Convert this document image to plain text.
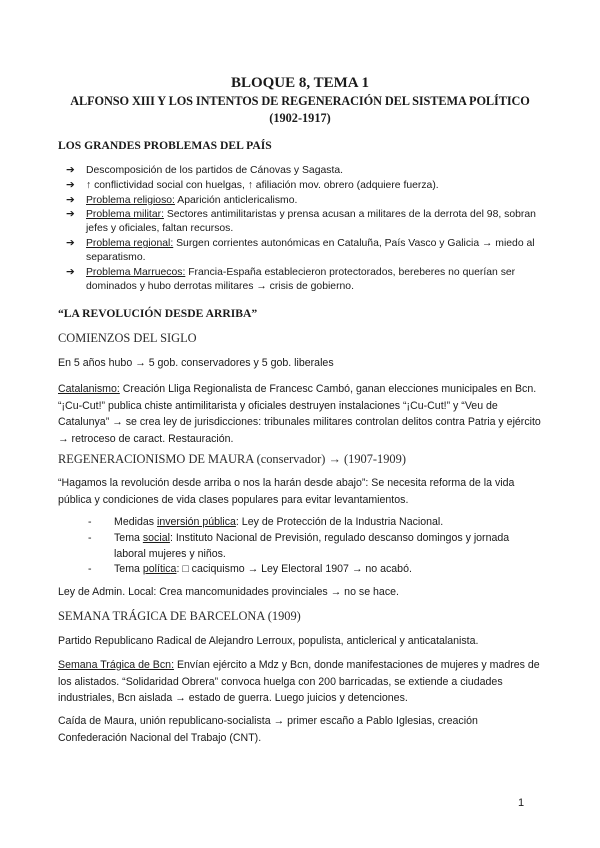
BLOQUE 8, TEMA 1
ALFONSO XIII Y LOS INTENTOS DE REGENERACIÓN DEL SISTEMA POLÍTICO
(1902-1917)
LOS GRANDES PROBLEMAS DEL PAÍS
➔ Descomposición de los partidos de Cánovas y Sagasta.
➔ ↑ conflictividad social con huelgas, ↑ afiliación mov. obrero (adquiere fuerza).
➔ Problema religioso: Aparición anticlericalismo.
➔ Problema militar: Sectores antimilitaristas y prensa acusan a militares de la derrota del 98, sobran jefes y oficiales, faltan recursos.
➔ Problema regional: Surgen corrientes autonómicas en Cataluña, País Vasco y Galicia → miedo al separatismo.
➔ Problema Marruecos: Francia-España establecieron protectorados, bereberes no querían ser dominados y hubo derrotas militares → crisis de gobierno.
“LA REVOLUCIÓN DESDE ARRIBA”
COMIENZOS DEL SIGLO
En 5 años hubo → 5 gob. conservadores y 5 gob. liberales
Catalanismo: Creación Lliga Regionalista de Francesc Cambó, ganan elecciones municipales en Bcn. “¡Cu-Cut!” publica chiste antimilitarista y oficiales destruyen instalaciones “¡Cu-Cut!” y “Veu de Catalunya” → se crea ley de jurisdicciones: tribunales militares controlan delitos contra Patria y ejército → retroceso de caract. Restauración.
REGENERACIONISMO DE MAURA (conservador) → (1907-1909)
“Hagamos la revolución desde arriba o nos la harán desde abajo”: Se necesita reforma de la vida pública y condiciones de vida clases populares para evitar levantamientos.
- Medidas inversión pública: Ley de Protección de la Industria Nacional.
- Tema social: Instituto Nacional de Previsión, regulado descanso domingos y jornada laboral mujeres y niños.
- Tema política: □ caciquismo → Ley Electoral 1907 → no acabó.
Ley de Admin. Local: Crea mancomunidades provinciales → no se hace.
SEMANA TRÁGICA DE BARCELONA (1909)
Partido Republicano Radical de Alejandro Lerroux, populista, anticlerical y anticatalanista.
Semana Trágica de Bcn: Envían ejército a Mdz y Bcn, donde manifestaciones de mujeres y madres de los alistados. “Solidaridad Obrera” convoca huelga con 200 barricadas, se extiende a ciudades industriales, Bcn aislada → estado de guerra. Luego juicios y detenciones.
Caída de Maura, unión republicano-socialista → primer escaño a Pablo Iglesias, creación Confederación Nacional del Trabajo (CNT).
1
